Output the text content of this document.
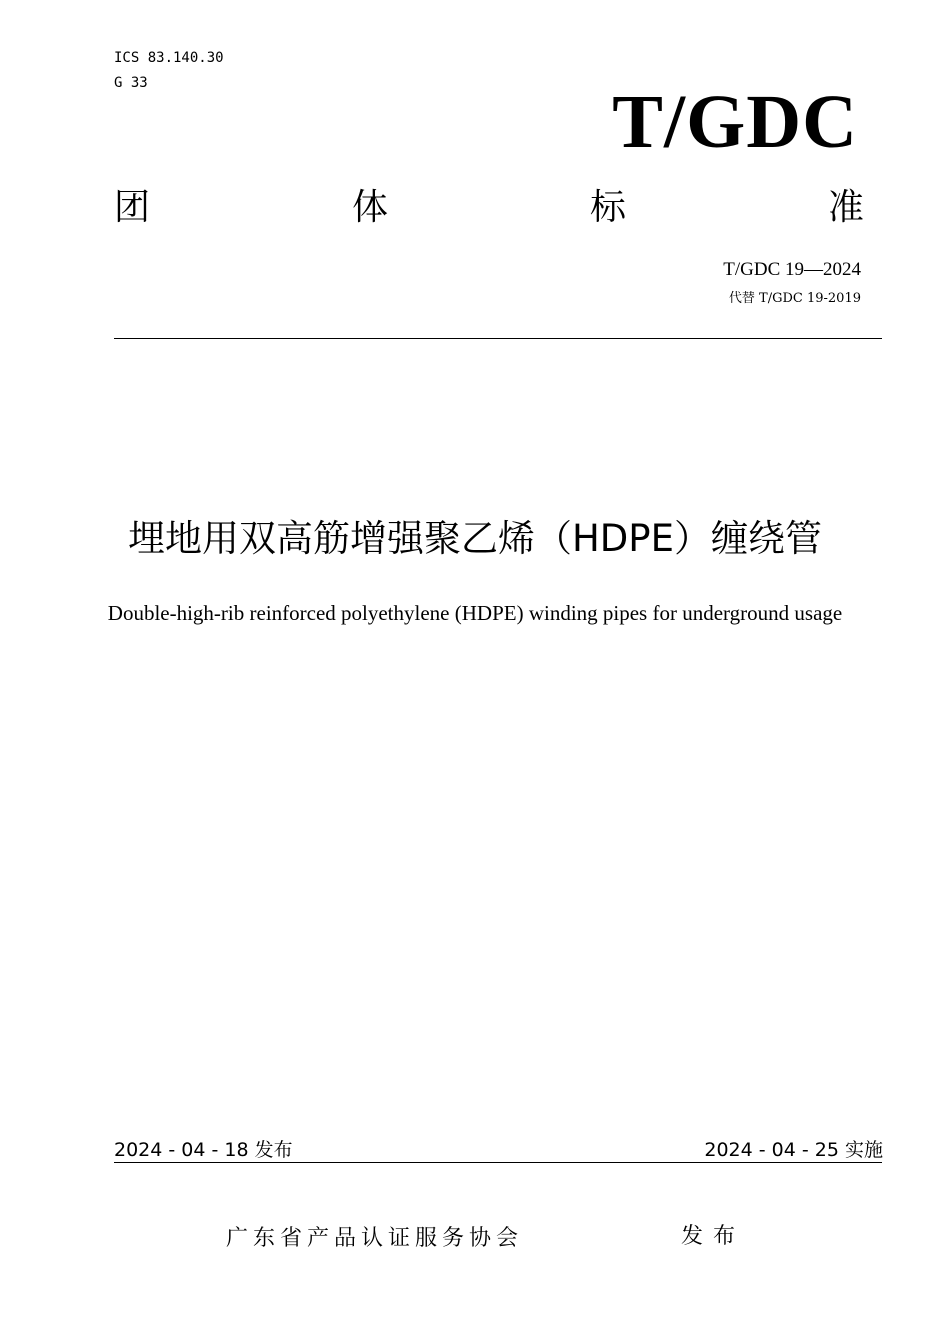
ICS 83.140.30
G 33	T/GDC
团	体	标	准
T/GDC 19—2024
代替 T/GDC 19-2019
埋地用双高筋增强聚乙烯（HDPE）缠绕管
Double-high-rib reinforced polyethylene (HDPE) winding pipes for underground usage
2024 - 04 - 18 发布	2024 - 04 - 25 实施
广东省产品认证服务协会	发布
